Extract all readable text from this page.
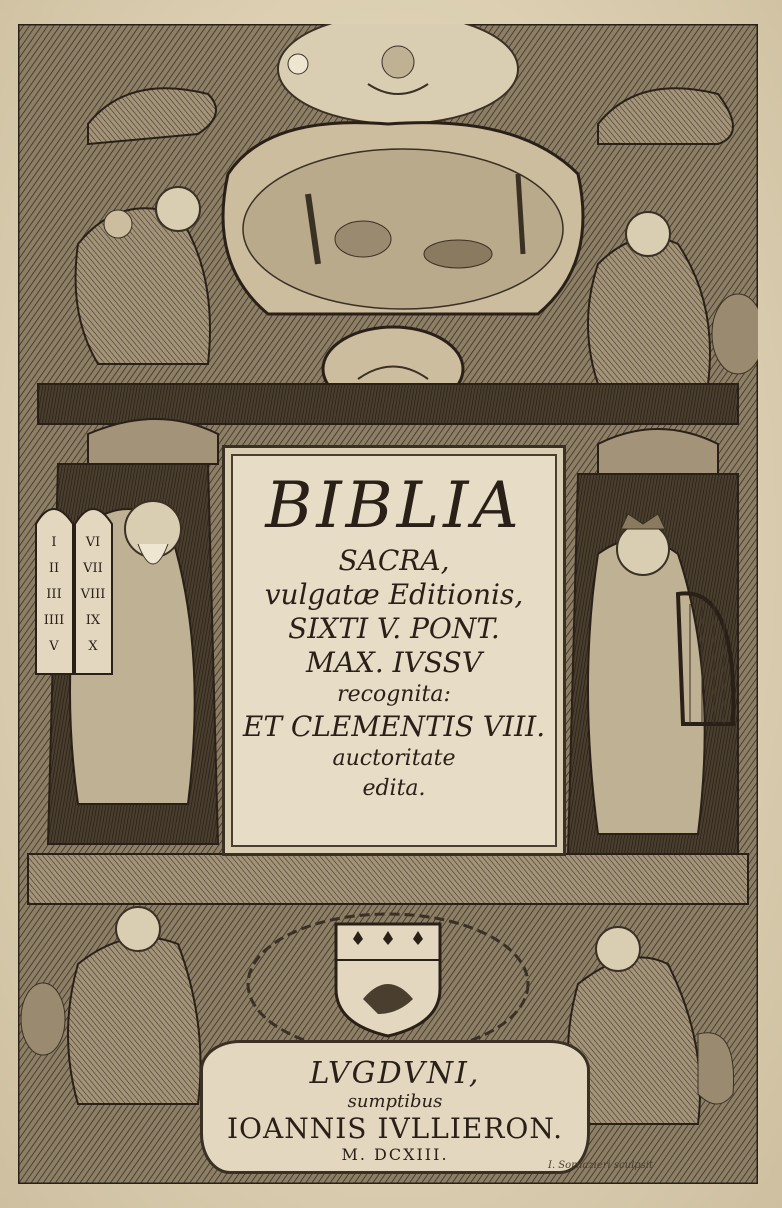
I
II
III
IIII
V
VI
VII
VIII
IX
X
BIBLIA
SACRA,
vulgatæ Editionis,
SIXTI V. PONT.
MAX. IVSSV
recognita:
ET CLEMENTIS VIII.
auctoritate
edita.
LVGDVNI,
sumptibus
IOANNIS IVLLIERON.
M. DCXIII.
I. Sornazieri sculpsit
